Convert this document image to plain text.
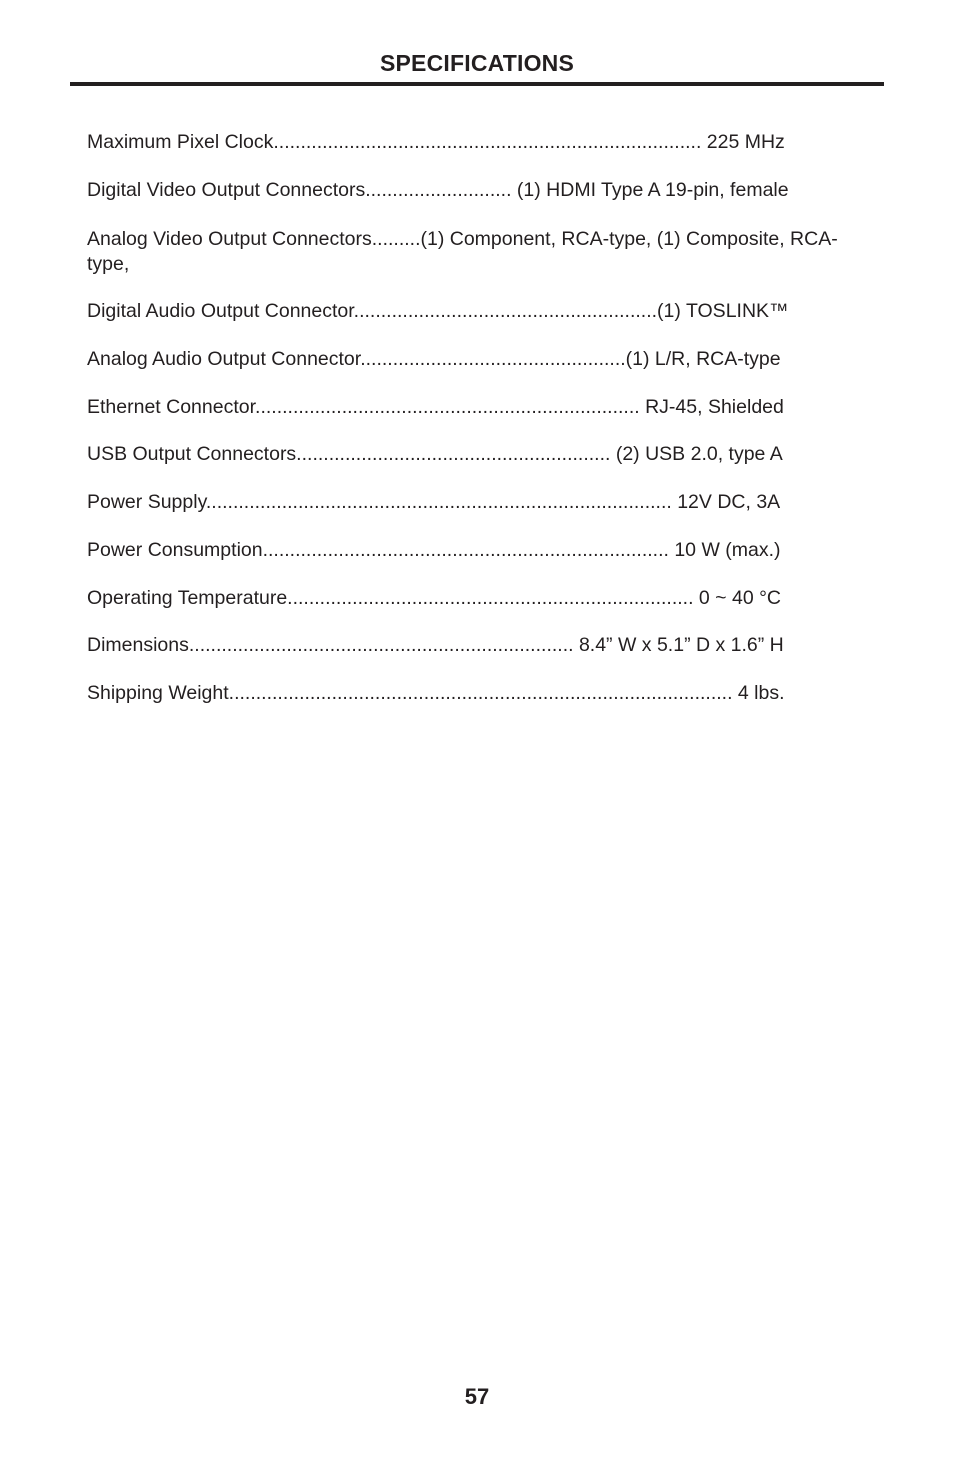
SPECIFICATIONS
Maximum Pixel Clock............................................................................... 225 MHz
Digital Video Output Connectors........................... (1) HDMI Type A 19-pin, female
Analog Video Output Connectors.........(1) Component, RCA-type, (1) Composite, RCA-type,
Digital Audio Output Connector........................................................(1) TOSLINK™
Analog Audio Output Connector.................................................(1) L/R, RCA-type
Ethernet Connector....................................................................... RJ-45, Shielded
USB Output Connectors.......................................................... (2) USB 2.0, type A
Power Supply...................................................................................... 12V DC, 3A
Power Consumption........................................................................... 10 W (max.)
Operating Temperature........................................................................... 0 ~ 40 °C
Dimensions....................................................................... 8.4” W x 5.1” D x 1.6” H
Shipping Weight............................................................................................. 4 lbs.
57
